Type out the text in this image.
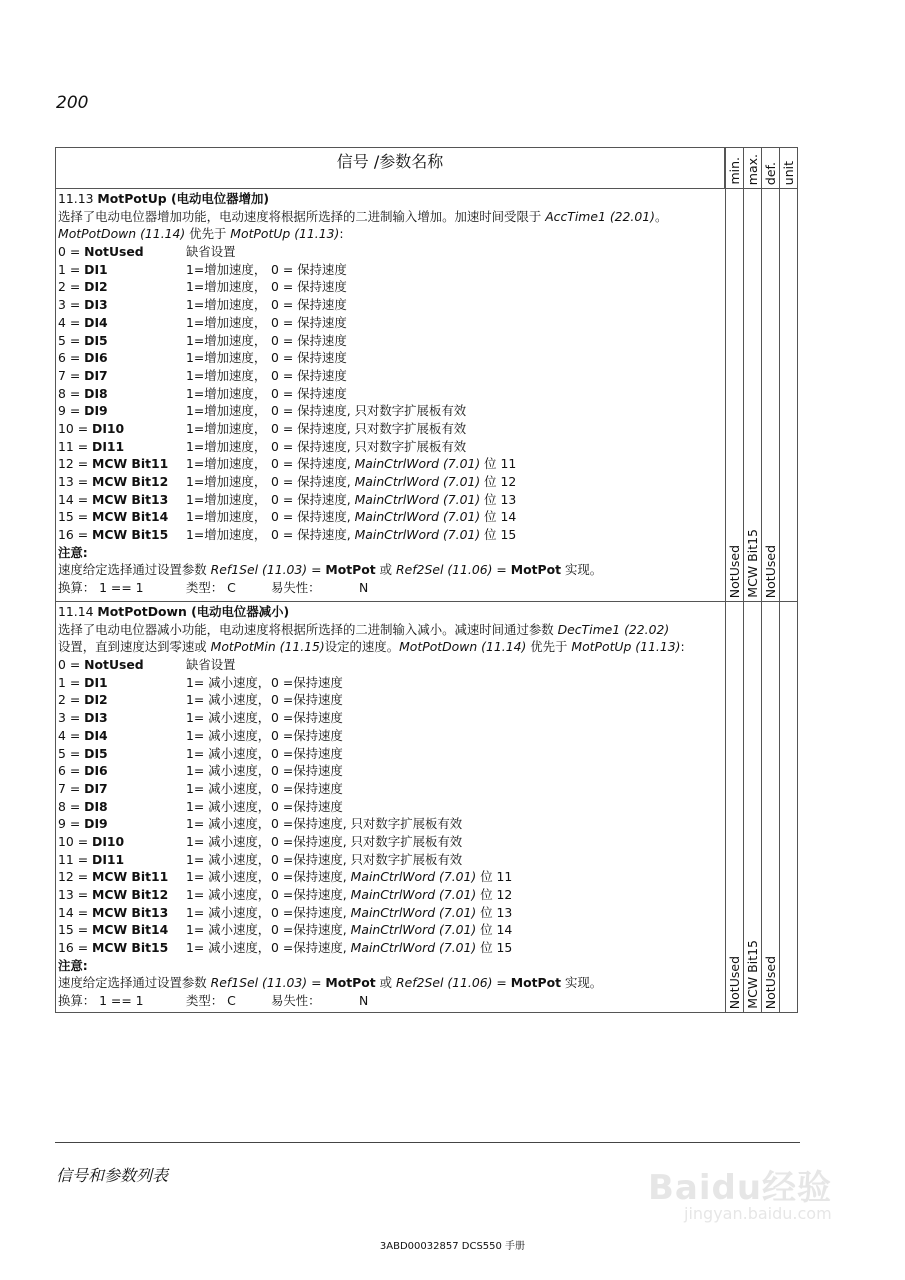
200
信号 /参数名称	min. max. def. unit
11.13 MotPotUp (电动电位器增加)
选择了电动电位器增加功能，电动速度将根据所选择的二进制输入增加。加速时间受限于 AccTime1 (22.01)。
MotPotDown (11.14) 优先于 MotPotUp (11.13):
0 = NotUsed	缺省设置
1 = DI1	1=增加速度， 0 = 保持速度
2 = DI2	1=增加速度， 0 = 保持速度
3 = DI3	1=增加速度， 0 = 保持速度
4 = DI4	1=增加速度， 0 = 保持速度
5 = DI5	1=增加速度， 0 = 保持速度
6 = DI6	1=增加速度， 0 = 保持速度
7 = DI7	1=增加速度， 0 = 保持速度
8 = DI8	1=增加速度， 0 = 保持速度
9 = DI9	1=增加速度， 0 = 保持速度, 只对数字扩展板有效
10 = DI10	1=增加速度， 0 = 保持速度, 只对数字扩展板有效
11 = DI11	1=增加速度， 0 = 保持速度, 只对数字扩展板有效
12 = MCW Bit11 1=增加速度， 0 = 保持速度, MainCtrlWord (7.01) 位 11
13 = MCW Bit12 1=增加速度， 0 = 保持速度, MainCtrlWord (7.01) 位 12
14 = MCW Bit13 1=增加速度， 0 = 保持速度, MainCtrlWord (7.01) 位 13
15 = MCW Bit14 1=增加速度， 0 = 保持速度, MainCtrlWord (7.01) 位 14
16 = MCW Bit15 1=增加速度， 0 = 保持速度, MainCtrlWord (7.01) 位 15
注意:
速度给定选择通过设置参数 Ref1Sel (11.03) = MotPot 或 Ref2Sel (11.06) = MotPot 实现。
换算： 1 == 1	类型： C	易失性：	N	NotUsed MCW Bit15 NotUsed
11.14 MotPotDown (电动电位器减小)
选择了电动电位器减小功能，电动速度将根据所选择的二进制输入减小。减速时间通过参数 DecTime1 (22.02)
设置，直到速度达到零速或 MotPotMin (11.15)设定的速度。MotPotDown (11.14) 优先于 MotPotUp (11.13):
0 = NotUsed	缺省设置
1 = DI1	1= 减小速度，0 =保持速度
2 = DI2	1= 减小速度，0 =保持速度
3 = DI3	1= 减小速度，0 =保持速度
4 = DI4	1= 减小速度，0 =保持速度
5 = DI5	1= 减小速度，0 =保持速度
6 = DI6	1= 减小速度，0 =保持速度
7 = DI7	1= 减小速度，0 =保持速度
8 = DI8	1= 减小速度，0 =保持速度
9 = DI9	1= 减小速度，0 =保持速度, 只对数字扩展板有效
10 = DI10	1= 减小速度，0 =保持速度, 只对数字扩展板有效
11 = DI11	1= 减小速度，0 =保持速度, 只对数字扩展板有效
12 = MCW Bit11 1= 减小速度，0 =保持速度, MainCtrlWord (7.01) 位 11
13 = MCW Bit12 1= 减小速度，0 =保持速度, MainCtrlWord (7.01) 位 12
14 = MCW Bit13 1= 减小速度，0 =保持速度, MainCtrlWord (7.01) 位 13
15 = MCW Bit14 1= 减小速度，0 =保持速度, MainCtrlWord (7.01) 位 14
16 = MCW Bit15 1= 减小速度，0 =保持速度, MainCtrlWord (7.01) 位 15
注意:
速度给定选择通过设置参数 Ref1Sel (11.03) = MotPot 或 Ref2Sel (11.06) = MotPot 实现。
换算： 1 == 1	类型： C	易失性：	N	NotUsed MCW Bit15 NotUsed
信号和参数列表
3ABD00032857 DCS550 手册
Baidu经验
jingyan.baidu.com
